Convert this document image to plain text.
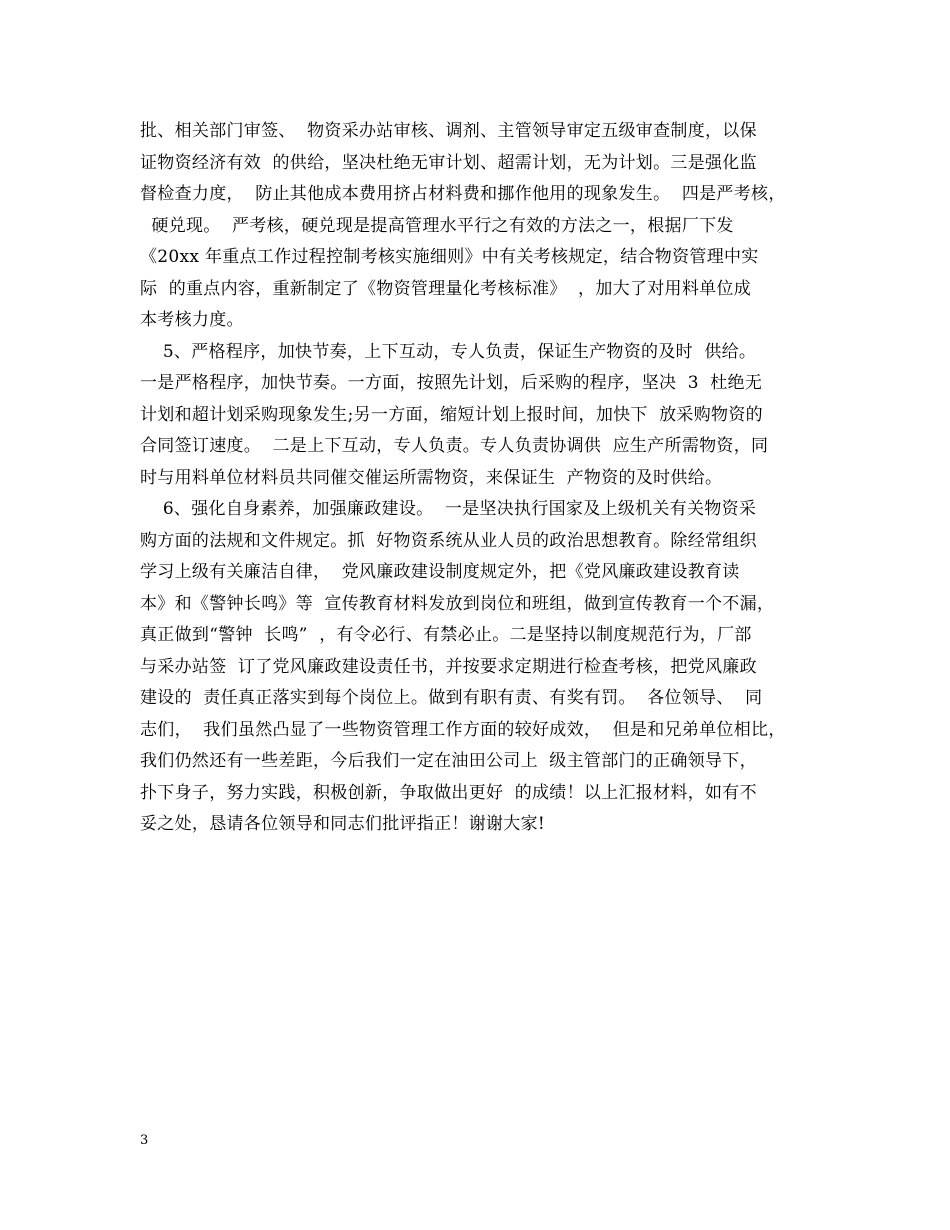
批、相关部门审签、  物资采办站审核、调剂、主管领导审定五级审查制度，以保
证物资经济有效  的供给，坚决杜绝无审计划、超需计划，无为计划。三是强化监
督检查力度，  防止其他成本费用挤占材料费和挪作他用的现象发生。  四是严考核，
硬兑现。  严考核，硬兑现是提高管理水平行之有效的方法之一，根据厂下发
《20xx 年重点工作过程控制考核实施细则》中有关考核规定，结合物资管理中实
际  的重点内容，重新制定了《物资管理量化考核标准》  ，加大了对用料单位成
本考核力度。
5、严格程序，加快节奏，上下互动，专人负责，保证生产物资的及时  供给。
一是严格程序，加快节奏。一方面，按照先计划，后采购的程序，坚决  3  杜绝无
计划和超计划采购现象发生;另一方面，缩短计划上报时间，加快下  放采购物资的
合同签订速度。  二是上下互动，专人负责。专人负责协调供  应生产所需物资，同
时与用料单位材料员共同催交催运所需物资，来保证生  产物资的及时供给。
6、强化自身素养，加强廉政建设。  一是坚决执行国家及上级机关有关物资采
购方面的法规和文件规定。抓  好物资系统从业人员的政治思想教育。除经常组织
学习上级有关廉洁自律，  党风廉政建设制度规定外，把《党风廉政建设教育读
本》和《警钟长鸣》等  宣传教育材料发放到岗位和班组，做到宣传教育一个不漏，
真正做到“警钟  长鸣”  ，有令必行、有禁必止。二是坚持以制度规范行为，厂部
与采办站签  订了党风廉政建设责任书，并按要求定期进行检查考核，把党风廉政
建设的  责任真正落实到每个岗位上。做到有职有责、有奖有罚。  各位领导、  同
志们，  我们虽然凸显了一些物资管理工作方面的较好成效，  但是和兄弟单位相比，
我们仍然还有一些差距，今后我们一定在油田公司上  级主管部门的正确领导下，
扑下身子，努力实践，积极创新，争取做出更好  的成绩！以上汇报材料，如有不
妥之处，恳请各位领导和同志们批评指正！谢谢大家!
3
